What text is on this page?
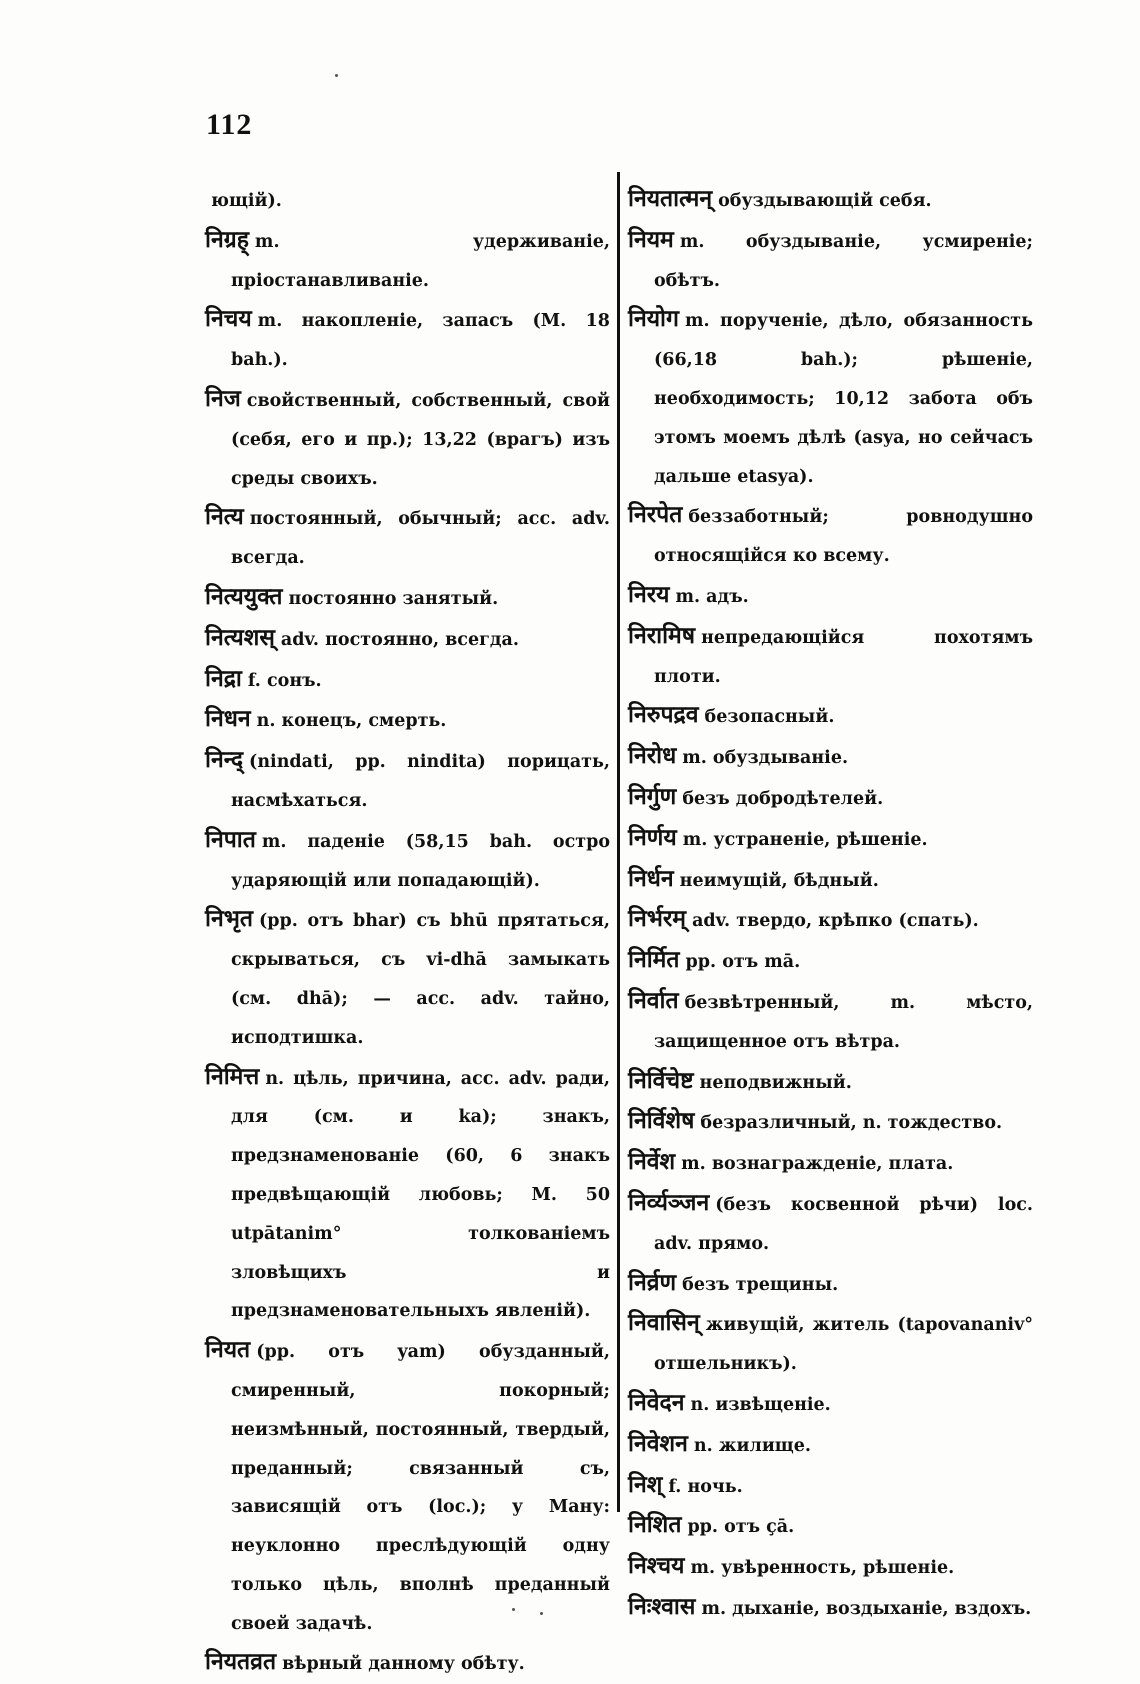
112
ющій).
निग्रह् m. удерживаніе, пріостанавливаніе.
निचय m. накопленіе, запасъ (M. 18 bah.).
निज свойственный, собственный, свой (себя, его и пр.); 13,22 (врагъ) изъ среды своихъ.
नित्य постоянный, обычный; acc. adv. всегда.
नित्ययुक्त постоянно занятый.
नित्यशस् adv. постоянно, всегда.
निद्रा f. сонъ.
निधन n. конецъ, смерть.
निन्द् (nindati, pp. nindita) порицать, насмѣхаться.
निपात m. паденіе (58,15 bah. остро ударяющій или попадающій).
निभृत (pp. отъ bhar) съ bhū прятаться, скрываться, съ vi-dhā замыкать (см. dhā); — acc. adv. тайно, исподтишка.
निमित्त n. цѣль, причина, acc. adv. ради, для (см. и ka); знакъ, предзнаменованіе (60, 6 знакъ предвѣщающій любовь; M. 50 utpātanim° толкованіемъ зловѣщихъ и предзнаменовательныхъ явленій).
नियत (pp. отъ yam) обузданный, смиренный, покорный; неизмѣнный, постоянный, твердый, преданный; связанный съ, зависящій отъ (loc.); у Ману: неуклонно преслѣдующій одну только цѣль, вполнѣ преданный своей задачѣ.
नियतव्रत вѣрный данному обѣту.
नियतात्मन् обуздывающій себя.
नियम m. обуздываніе, усмиреніе; обѣтъ.
नियोग m. порученіе, дѣло, обязанность (66,18 bah.); рѣшеніе, необходимость; 10,12 забота объ этомъ моемъ дѣлѣ (asya, но сейчасъ дальше etasya).
निरपेत беззаботный; ровнодушно относящійся ко всему.
निरय m. адъ.
निरामिष непредающійся похотямъ плоти.
निरुपद्रव безопасный.
निरोध m. обуздываніе.
निर्गुण безъ добродѣтелей.
निर्णय m. устраненіе, рѣшеніе.
निर्धन неимущій, бѣдный.
निर्भरम् adv. твердо, крѣпко (спать).
निर्मित pp. отъ mā.
निर्वात безвѣтренный, m. мѣсто, защищенное отъ вѣтра.
निर्विचेष्ट неподвижный.
निर्विशेष безразличный, n. тождество.
निर्वेश m. вознагражденіе, плата.
निर्व्यञ्जन (безъ косвенной рѣчи) loc. adv. прямо.
निर्व्रण безъ трещины.
निवासिन् живущій, житель (tapovananiv° отшельникъ).
निवेदन n. извѣщеніе.
निवेशन n. жилище.
निश् f. ночь.
निशित pp. отъ çā.
निश्चय m. увѣренность, рѣшеніе.
निःश्वास m. дыханіе, воздыханіе, вздохъ.
